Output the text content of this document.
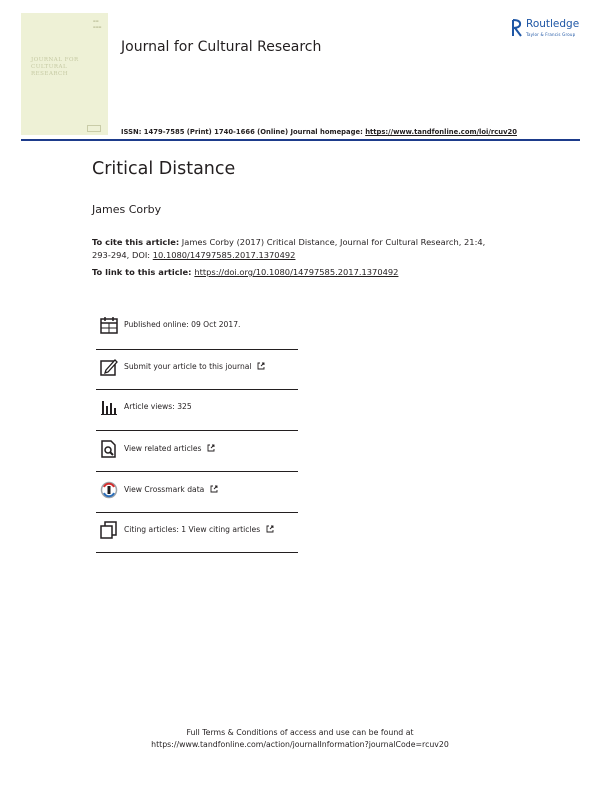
▬▬
▬▬▬
JOURNAL FOR CULTURAL RESEARCH
Journal for Cultural Research
Routledge
Taylor & Francis Group
ISSN: 1479-7585 (Print) 1740-1666 (Online) Journal homepage: https://www.tandfonline.com/loi/rcuv20
Critical Distance
James Corby
To cite this article: James Corby (2017) Critical Distance, Journal for Cultural Research, 21:4,
293-294, DOI: 10.1080/14797585.2017.1370492
To link to this article: https://doi.org/10.1080/14797585.2017.1370492
Published online: 09 Oct 2017.
Submit your article to this journal
Article views: 325
View related articles
View Crossmark data
Citing articles: 1 View citing articles
Full Terms & Conditions of access and use can be found at
https://www.tandfonline.com/action/journalInformation?journalCode=rcuv20
